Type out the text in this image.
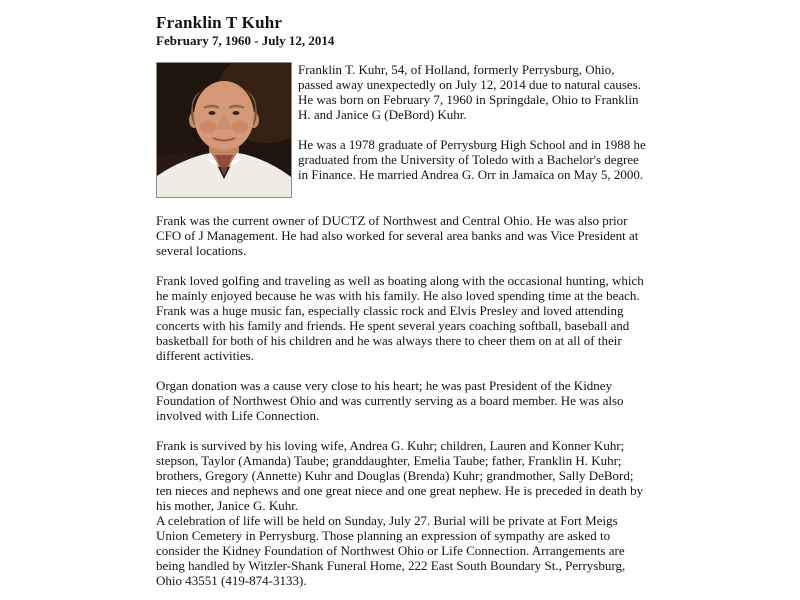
Franklin T Kuhr
February 7, 1960 - July 12, 2014

Franklin T. Kuhr, 54, of Holland, formerly Perrysburg, Ohio, passed away unexpectedly on July 12, 2014 due to natural causes. He was born on February 7, 1960 in Springdale, Ohio to Franklin H. and Janice G (DeBord) Kuhr.

He was a 1978 graduate of Perrysburg High School and in 1988 he graduated from the University of Toledo with a Bachelor's degree in Finance. He married Andrea G. Orr in Jamaica on May 5, 2000.

Frank was the current owner of DUCTZ of Northwest and Central Ohio. He was also prior CFO of J Management. He had also worked for several area banks and was Vice President at several locations.

Frank loved golfing and traveling as well as boating along with the occasional hunting, which he mainly enjoyed because he was with his family. He also loved spending time at the beach. Frank was a huge music fan, especially classic rock and Elvis Presley and loved attending concerts with his family and friends. He spent several years coaching softball, baseball and basketball for both of his children and he was always there to cheer them on at all of their different activities.

Organ donation was a cause very close to his heart; he was past President of the Kidney Foundation of Northwest Ohio and was currently serving as a board member. He was also involved with Life Connection.

Frank is survived by his loving wife, Andrea G. Kuhr; children, Lauren and Konner Kuhr; stepson, Taylor (Amanda) Taube; granddaughter, Emelia Taube; father, Franklin H. Kuhr; brothers, Gregory (Annette) Kuhr and Douglas (Brenda) Kuhr; grandmother, Sally DeBord; ten nieces and nephews and one great niece and one great nephew. He is preceded in death by his mother, Janice G. Kuhr.

A celebration of life will be held on Sunday, July 27. Burial will be private at Fort Meigs Union Cemetery in Perrysburg. Those planning an expression of sympathy are asked to consider the Kidney Foundation of Northwest Ohio or Life Connection. Arrangements are being handled by Witzler-Shank Funeral Home, 222 East South Boundary St., Perrysburg, Ohio 43551 (419-874-3133).
